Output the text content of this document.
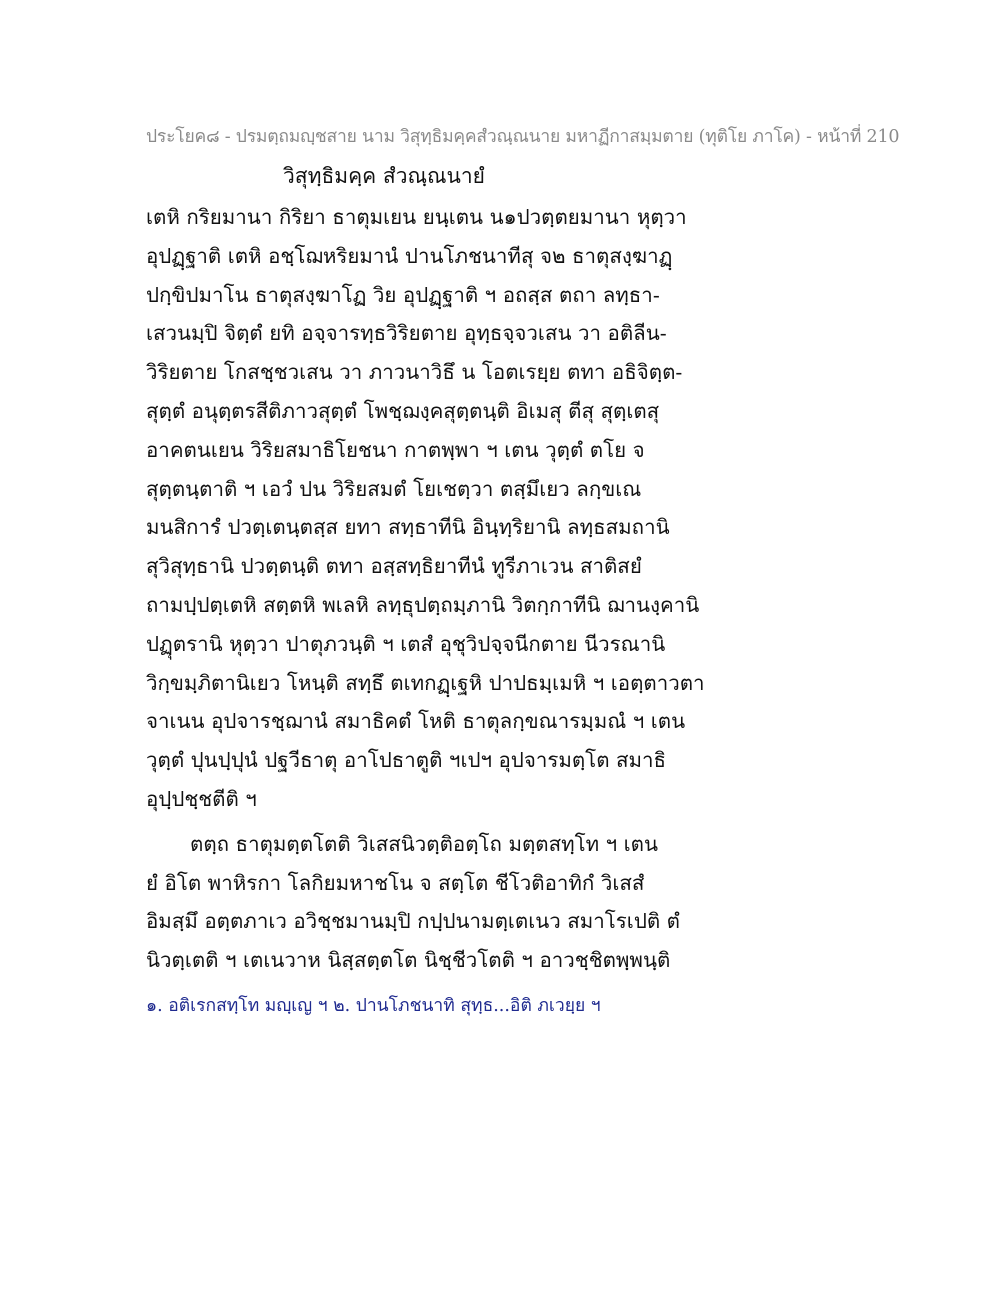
ประโยค๘ - ปรมตฺถมญฺชสาย นาม วิสุทฺธิมคฺคสํวณฺณนาย มหาฏีกาสมฺมตาย (ทุติโย ภาโค) - หน้าที่ 210
วิสุทฺธิมคฺค สํวณฺณนายํ
เตหิ กริยมานา กิริยา ธาตุมเยน ยนฺเตน น๑ปวตฺตยมานา หุตฺวา
อุปฏฺฐาติ เตหิ อชฺโฌหริยมานํ ปานโภชนาทีสุ จ๒ ธาตุสงฺฆาฏฺ
ปกฺขิปมาโน ธาตุสงฺฆาโฏ วิย อุปฏฺฐาติ ฯ อถสฺส ตถา ลทฺธา-
เสวนมฺปิ จิตฺตํ ยทิ อจฺจารทฺธวิริยตาย อุทฺธจฺจวเสน วา อติลีน-
วิริยตาย โกสชฺชวเสน วา ภาวนาวิธึ น โอตเรยฺย ตทา อธิจิตฺต-
สุตฺตํ อนุตฺตรสีติภาวสุตฺตํ โพชฺฌงฺคสุตฺตนฺติ อิเมสุ ตีสุ สุตฺเตสุ
อาคตนเยน วิริยสมาธิโยชนา กาตพฺพา ฯ เตน วุตฺตํ ตโย จ
สุตฺตนฺตาติ ฯ เอวํ ปน วิริยสมตํ โยเชตฺวา ตสฺมึเยว ลกฺขเณ
มนสิการํ ปวตฺเตนฺตสฺส ยทา สทฺธาทีนิ อินฺทฺริยานิ ลทฺธสมถานิ
สุวิสุทฺธานิ ปวตฺตนฺติ ตทา อสฺสทฺธิยาทีนํ ทูรีภาเวน สาติสยํ
ถามปฺปตฺเตหิ สตฺตหิ พเลหิ ลทฺธุปตฺถมฺภานิ วิตกฺกาทีนิ ฌานงฺคานิ
ปฏุตรานิ หุตฺวา ปาตุภวนฺติ ฯ เตสํ อุชุวิปจฺจนีกตาย นีวรณานิ
วิกฺขมฺภิตานิเยว โหนฺติ สทฺธึ ตเทกฏฺเฐหิ ปาปธมฺเมหิ ฯ เอตฺตาวตา
จาเนน อุปจารชฺฌานํ สมาธิคตํ โหติ ธาตุลกฺขณารมฺมณํ ฯ เตน
วุตฺตํ ปุนปฺปุนํ ปฐวีธาตุ อาโปธาตูติ ฯเปฯ อุปจารมตฺโต สมาธิ
อุปฺปชฺชตีติ ฯ
ตตฺถ ธาตุมตฺตโตติ วิเสสนิวตฺติอตฺโถ มตฺตสทฺโท ฯ เตน
ยํ อิโต พาหิรกา โลกิยมหาชโน จ สตฺโต ชีโวติอาทิกํ วิเสสํ
อิมสฺมึ อตฺตภาเว อวิชฺชมานมฺปิ กปฺปนามตฺเตเนว สมาโรเปติ ตํ
นิวตฺเตติ ฯ เตเนวาห นิสฺสตฺตโต นิชฺชีวโตติ ฯ อาวชฺชิตพฺพนฺติ
๑. อติเรกสทฺโท มญฺเญ ฯ ๒. ปานโภชนาทิ สุทฺธ...อิติ ภเวยฺย ฯ
